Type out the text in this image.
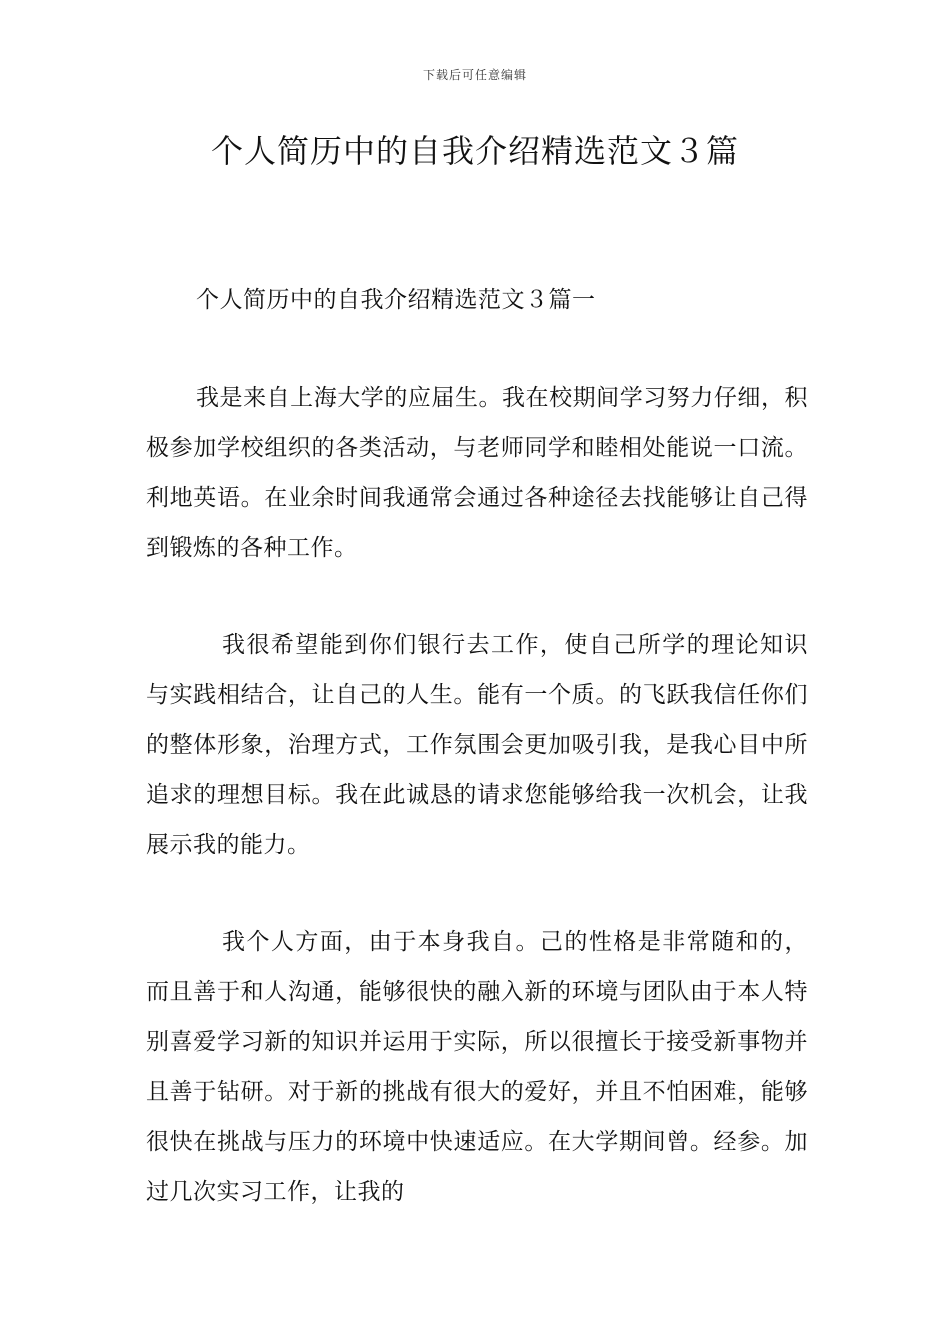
下载后可任意编辑
个人简历中的自我介绍精选范文３篇
个人简历中的自我介绍精选范文３篇一

我是来自上海大学的应届生。我在校期间学习努力仔细，积极参加学校组织的各类活动，与老师同学和睦相处能说一口流。利地英语。在业余时间我通常会通过各种途径去找能够让自己得到锻炼的各种工作。

我很希望能到你们银行去工作，使自己所学的理论知识与实践相结合，让自己的人生。能有一个质。的飞跃我信任你们的整体形象，治理方式，工作氛围会更加吸引我，是我心目中所追求的理想目标。我在此诚恳的请求您能够给我一次机会，让我展示我的能力。

我个人方面，由于本身我自。己的性格是非常随和的，而且善于和人沟通，能够很快的融入新的环境与团队由于本人特别喜爱学习新的知识并运用于实际，所以很擅长于接受新事物并且善于钻研。对于新的挑战有很大的爱好，并且不怕困难，能够很快在挑战与压力的环境中快速适应。在大学期间曾。经参。加过几次实习工作，让我的
